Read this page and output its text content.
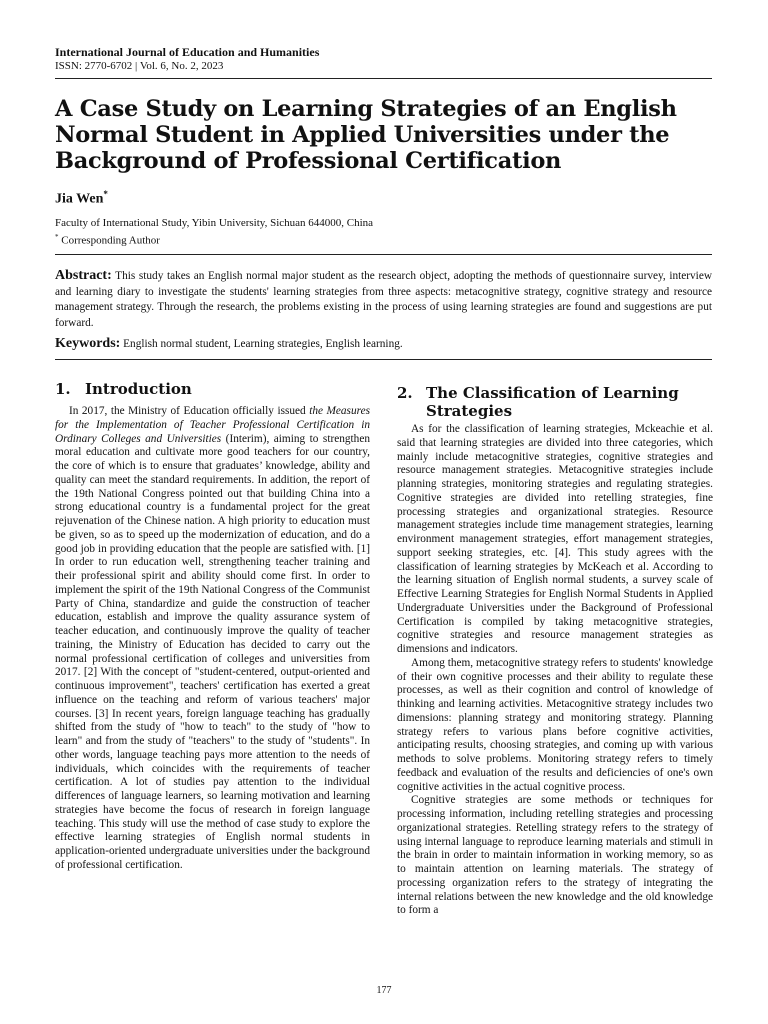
International Journal of Education and Humanities
ISSN: 2770-6702 | Vol. 6, No. 2, 2023
A Case Study on Learning Strategies of an English Normal Student in Applied Universities under the Background of Professional Certification
Jia Wen*
Faculty of International Study, Yibin University, Sichuan 644000, China
* Corresponding Author
Abstract: This study takes an English normal major student as the research object, adopting the methods of questionnaire survey, interview and learning diary to investigate the students' learning strategies from three aspects: metacognitive strategy, cognitive strategy and resource management strategy. Through the research, the problems existing in the process of using learning strategies are found and suggestions are put forward.
Keywords: English normal student, Learning strategies, English learning.
1. Introduction

In 2017, the Ministry of Education officially issued the Measures for the Implementation of Teacher Professional Certification in Ordinary Colleges and Universities (Interim), aiming to strengthen moral education and cultivate more good teachers for our country, the core of which is to ensure that graduates’ knowledge, ability and quality can meet the standard requirements. In addition, the report of the 19th National Congress pointed out that building China into a strong educational country is a fundamental project for the great rejuvenation of the Chinese nation. A high priority to education must be given, so as to speed up the modernization of education, and do a good job in providing education that the people are satisfied with. [1] In order to run education well, strengthening teacher training and their professional spirit and ability should come first. In order to implement the spirit of the 19th National Congress of the Communist Party of China, standardize and guide the construction of teacher education, establish and improve the quality assurance system of teacher education, and continuously improve the quality of teacher training, the Ministry of Education has decided to carry out the normal professional certification of colleges and universities from 2017. [2] With the concept of "student-centered, output-oriented and continuous improvement", teachers' certification has exerted a great influence on the teaching and reform of various teachers' major courses. [3] In recent years, foreign language teaching has gradually shifted from the study of "how to teach" to the study of "how to learn" and from the study of "teachers" to the study of "students". In other words, language teaching pays more attention to the needs of individuals, which coincides with the requirements of teacher certification. A lot of studies pay attention to the individual differences of language learners, so learning motivation and learning strategies have become the focus of research in foreign language teaching. This study will use the method of case study to explore the effective learning strategies of English normal students in application-oriented undergraduate universities under the background of professional certification.

2. The Classification of Learning Strategies

As for the classification of learning strategies, Mckeachie et al. said that learning strategies are divided into three categories, which mainly include metacognitive strategies, cognitive strategies and resource management strategies. Metacognitive strategies include planning strategies, monitoring strategies and regulating strategies. Cognitive strategies are divided into retelling strategies, fine processing strategies and organizational strategies. Resource management strategies include time management strategies, learning environment management strategies, effort management strategies, support seeking strategies, etc. [4]. This study agrees with the classification of learning strategies by McKeach et al. According to the learning situation of English normal students, a survey scale of Effective Learning Strategies for English Normal Students in Applied Undergraduate Universities under the Background of Professional Certification is compiled by taking metacognitive strategies, cognitive strategies and resource management strategies as dimensions and indicators.

Among them, metacognitive strategy refers to students' knowledge of their own cognitive processes and their ability to regulate these processes, as well as their cognition and control of knowledge of thinking and learning activities. Metacognitive strategy includes two dimensions: planning strategy and monitoring strategy. Planning strategy refers to various plans before cognitive activities, anticipating results, choosing strategies, and coming up with various methods to solve problems. Monitoring strategy refers to timely feedback and evaluation of the results and deficiencies of one's own cognitive activities in the actual cognitive process.

Cognitive strategies are some methods or techniques for processing information, including retelling strategies and processing organizational strategies. Retelling strategy refers to the strategy of using internal language to reproduce learning materials and stimuli in the brain in order to maintain information in working memory, so as to maintain attention on learning materials. The strategy of processing organization refers to the strategy of integrating the internal relations between the new knowledge and the old knowledge to form a

177
